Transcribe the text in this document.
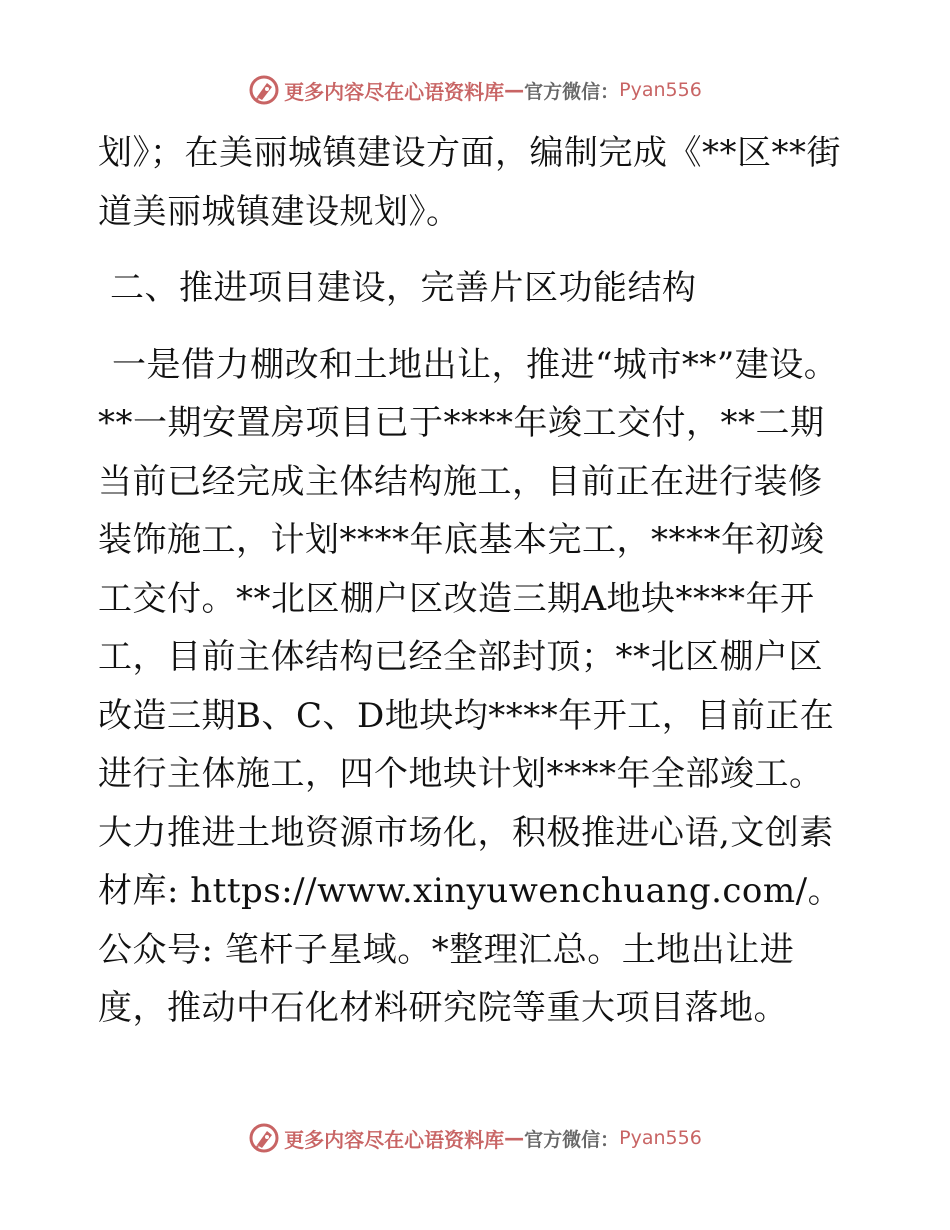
更多内容尽在心语资料库 — 官方微信： Pyan556

划》；在美丽城镇建设方面，编制完成《**区**街道美丽城镇建设规划》。

二、推进项目建设，完善片区功能结构

一是借力棚改和土地出让，推进“城市**”建设。**一期安置房项目已于****年竣工交付，**二期当前已经完成主体结构施工，目前正在进行装修装饰施工，计划****年底基本完工，****年初竣工交付。**北区棚户区改造三期A地块****年开工，目前主体结构已经全部封顶；**北区棚户区改造三期B、C、D地块均****年开工，目前正在进行主体施工，四个地块计划****年全部竣工。大力推进土地资源市场化，积极推进心语,文创素材库: https://www.xinyuwenchuang.com/。公众号: 笔杆子星域。*整理汇总。土地出让进度，推动中石化材料研究院等重大项目落地。

更多内容尽在心语资料库 — 官方微信： Pyan556
